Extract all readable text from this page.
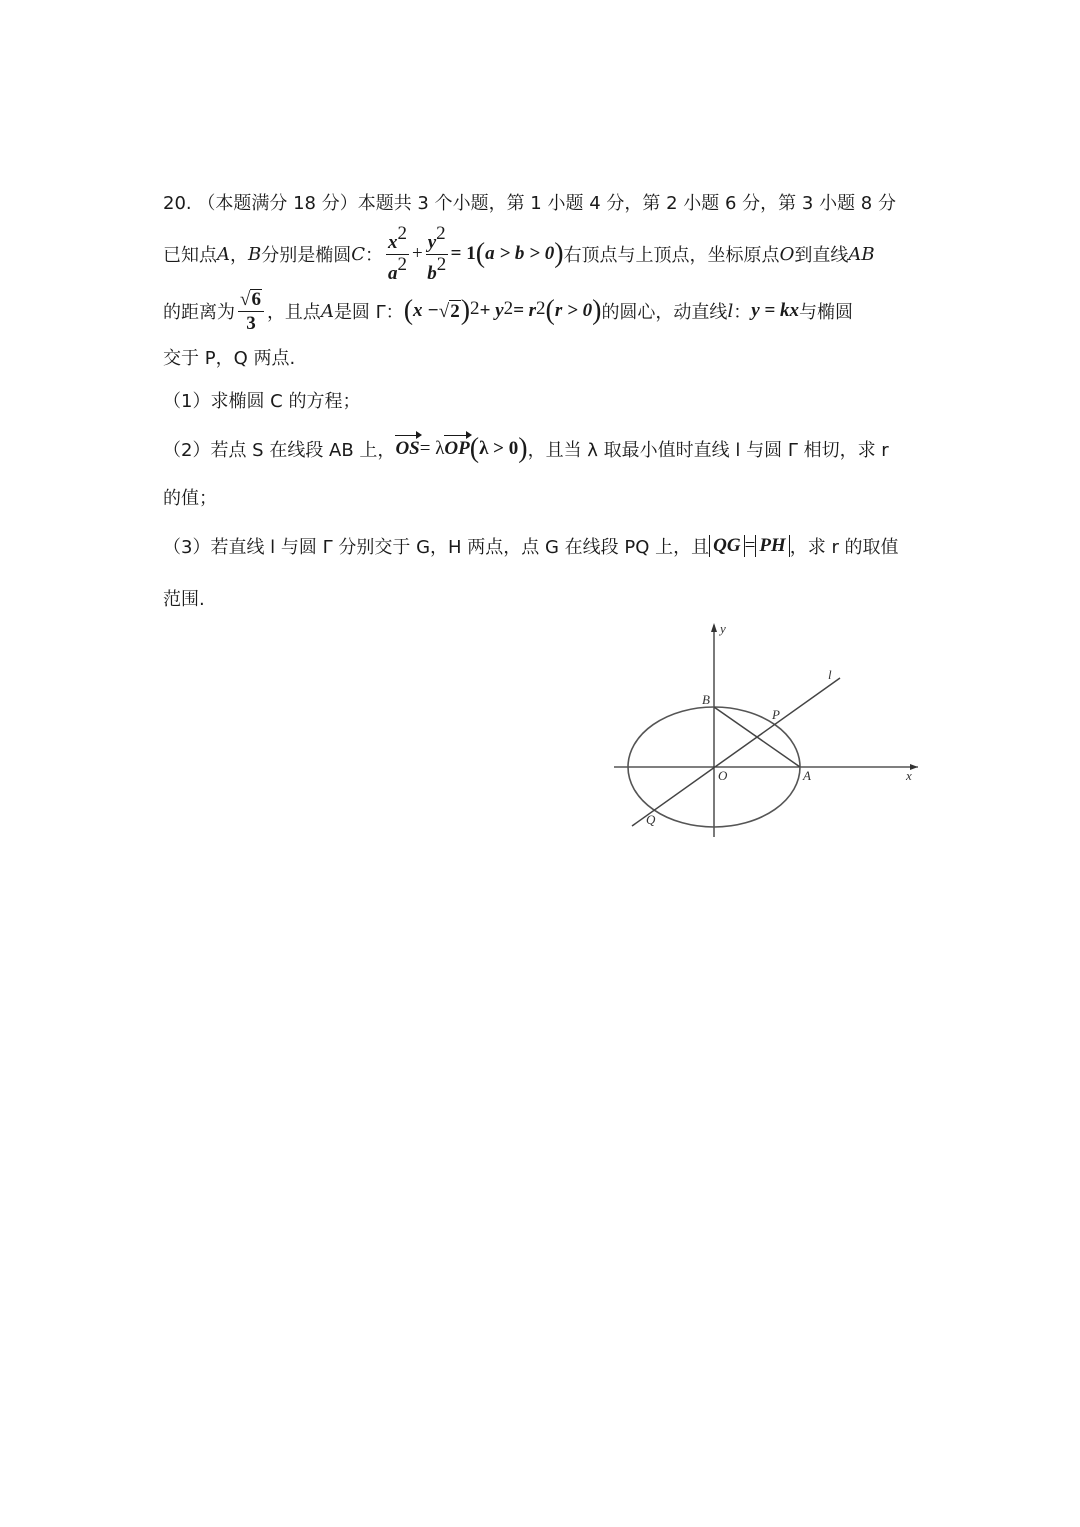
20. （本题满分 18 分）本题共 3 个小题，第 1 小题 4 分，第 2 小题 6 分，第 3 小题 8 分
已知点 A ， B 分别是椭圆 C ： $\frac{x^2}{a^2} + \frac{y^2}{b^2} = 1$ ( a > b > 0 ) 右顶点与上顶点，坐标原点 O 到直线 AB
的距离为 $\frac{√ 6}{3}$ ，且点 A 是圆 Γ： ( x − √ 2 )$^2 + y^2 = r^2$ ( r > 0 ) 的圆心，动直线 l ： y = kx 与椭圆
交于 P，Q 两点.
（1）求椭圆 C 的方程；
（2）若点 S 在线段 AB 上， OS = λ OP ( λ > 0 ) ，且当 λ 取最小值时直线 l 与圆 Γ 相切，求 r
的值；
（3）若直线 l 与圆 Γ 分别交于 G，H 两点，点 G 在线段 PQ 上，且 QG = PH ，求 r 的取值
范围.
y
x
B
P
O	A
Q
l
